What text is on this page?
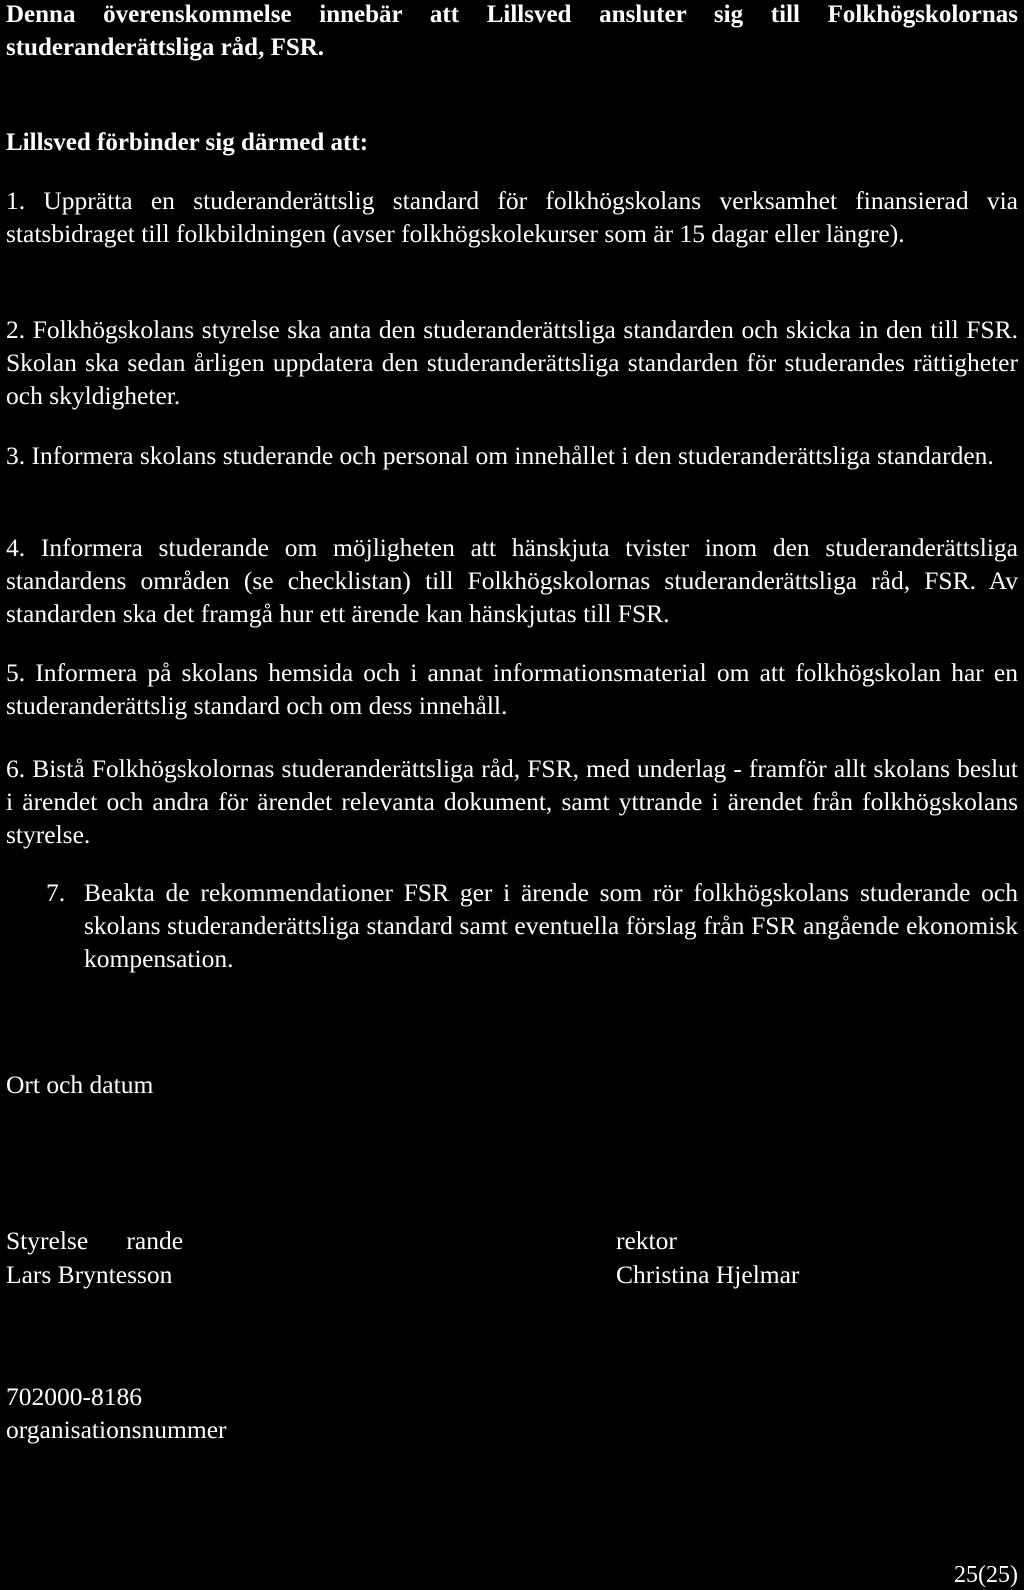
Denna överenskommelse innebär att Lillsved ansluter sig till Folkhögskolornas studeranderättsliga råd, FSR.

Lillsved förbinder sig därmed att:

1. Upprätta en studeranderättslig standard för folkhögskolans verksamhet finansierad via statsbidraget till folkbildningen (avser folkhögskolekurser som är 15 dagar eller längre).

2. Folkhögskolans styrelse ska anta den studeranderättsliga standarden och skicka in den till FSR. Skolan ska sedan årligen uppdatera den studeranderättsliga standarden för studerandes rättigheter och skyldigheter.

3. Informera skolans studerande och personal om innehållet i den studeranderättsliga standarden.

4. Informera studerande om möjligheten att hänskjuta tvister inom den studeranderättsliga standardens områden (se checklistan) till Folkhögskolornas studeranderättsliga råd, FSR. Av standarden ska det framgå hur ett ärende kan hänskjutas till FSR.

5. Informera på skolans hemsida och i annat informationsmaterial om att folkhögskolan har en studeranderättslig standard och om dess innehåll.

6. Bistå Folkhögskolornas studeranderättsliga råd, FSR, med underlag - framför allt skolans beslut i ärendet och andra för ärendet relevanta dokument, samt yttrande i ärendet från folkhögskolans styrelse.

7. Beakta de rekommendationer FSR ger i ärende som rör folkhögskolans studerande och skolans studeranderättsliga standard samt eventuella förslag från FSR angående ekonomisk kompensation.

Ort och datum

Styrelse      rande

Lars Bryntesson

rektor

Christina Hjelmar

702000-8186

organisationsnummer

25(25)
